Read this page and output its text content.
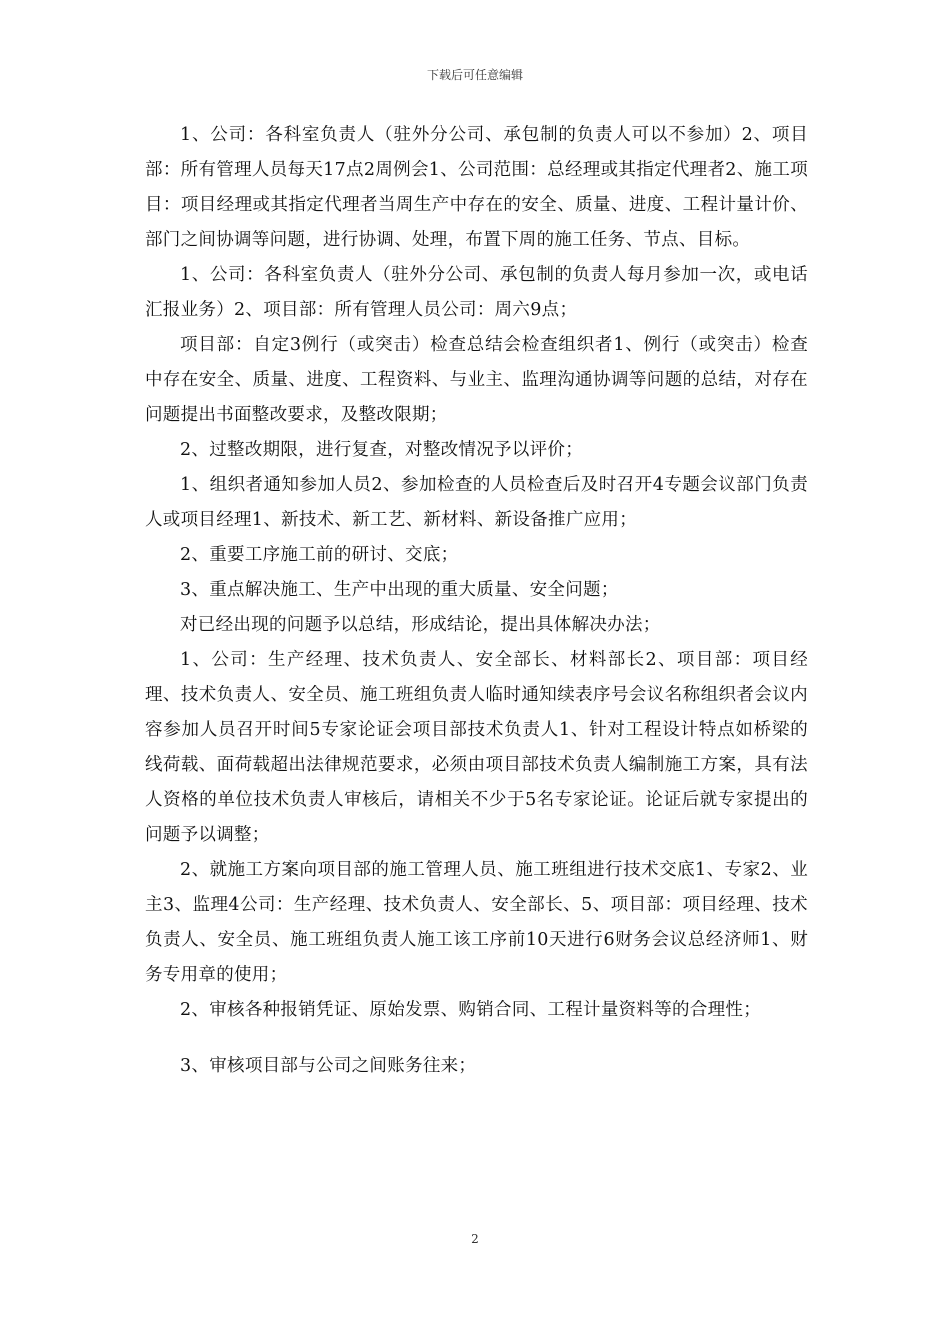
下载后可任意编辑

1、公司：各科室负责人（驻外分公司、承包制的负责人可以不参加）2、项目部：所有管理人员每天17点2周例会1、公司范围：总经理或其指定代理者2、施工项目：项目经理或其指定代理者当周生产中存在的安全、质量、进度、工程计量计价、部门之间协调等问题，进行协调、处理，布置下周的施工任务、节点、目标。

1、公司：各科室负责人（驻外分公司、承包制的负责人每月参加一次，或电话汇报业务）2、项目部：所有管理人员公司：周六9点；

项目部：自定3例行（或突击）检查总结会检查组织者1、例行（或突击）检查中存在安全、质量、进度、工程资料、与业主、监理沟通协调等问题的总结，对存在问题提出书面整改要求，及整改限期；

2、过整改期限，进行复查，对整改情况予以评价；

1、组织者通知参加人员2、参加检查的人员检查后及时召开4专题会议部门负责人或项目经理1、新技术、新工艺、新材料、新设备推广应用；

2、重要工序施工前的研讨、交底；

3、重点解决施工、生产中出现的重大质量、安全问题；

对已经出现的问题予以总结，形成结论，提出具体解决办法；

1、公司：生产经理、技术负责人、安全部长、材料部长2、项目部：项目经理、技术负责人、安全员、施工班组负责人临时通知续表序号会议名称组织者会议内容参加人员召开时间5专家论证会项目部技术负责人1、针对工程设计特点如桥梁的线荷载、面荷载超出法律规范要求，必须由项目部技术负责人编制施工方案，具有法人资格的单位技术负责人审核后，请相关不少于5名专家论证。论证后就专家提出的问题予以调整；

2、就施工方案向项目部的施工管理人员、施工班组进行技术交底1、专家2、业主3、监理4公司：生产经理、技术负责人、安全部长、5、项目部：项目经理、技术负责人、安全员、施工班组负责人施工该工序前10天进行6财务会议总经济师1、财务专用章的使用；

2、审核各种报销凭证、原始发票、购销合同、工程计量资料等的合理性；

3、审核项目部与公司之间账务往来；

2
